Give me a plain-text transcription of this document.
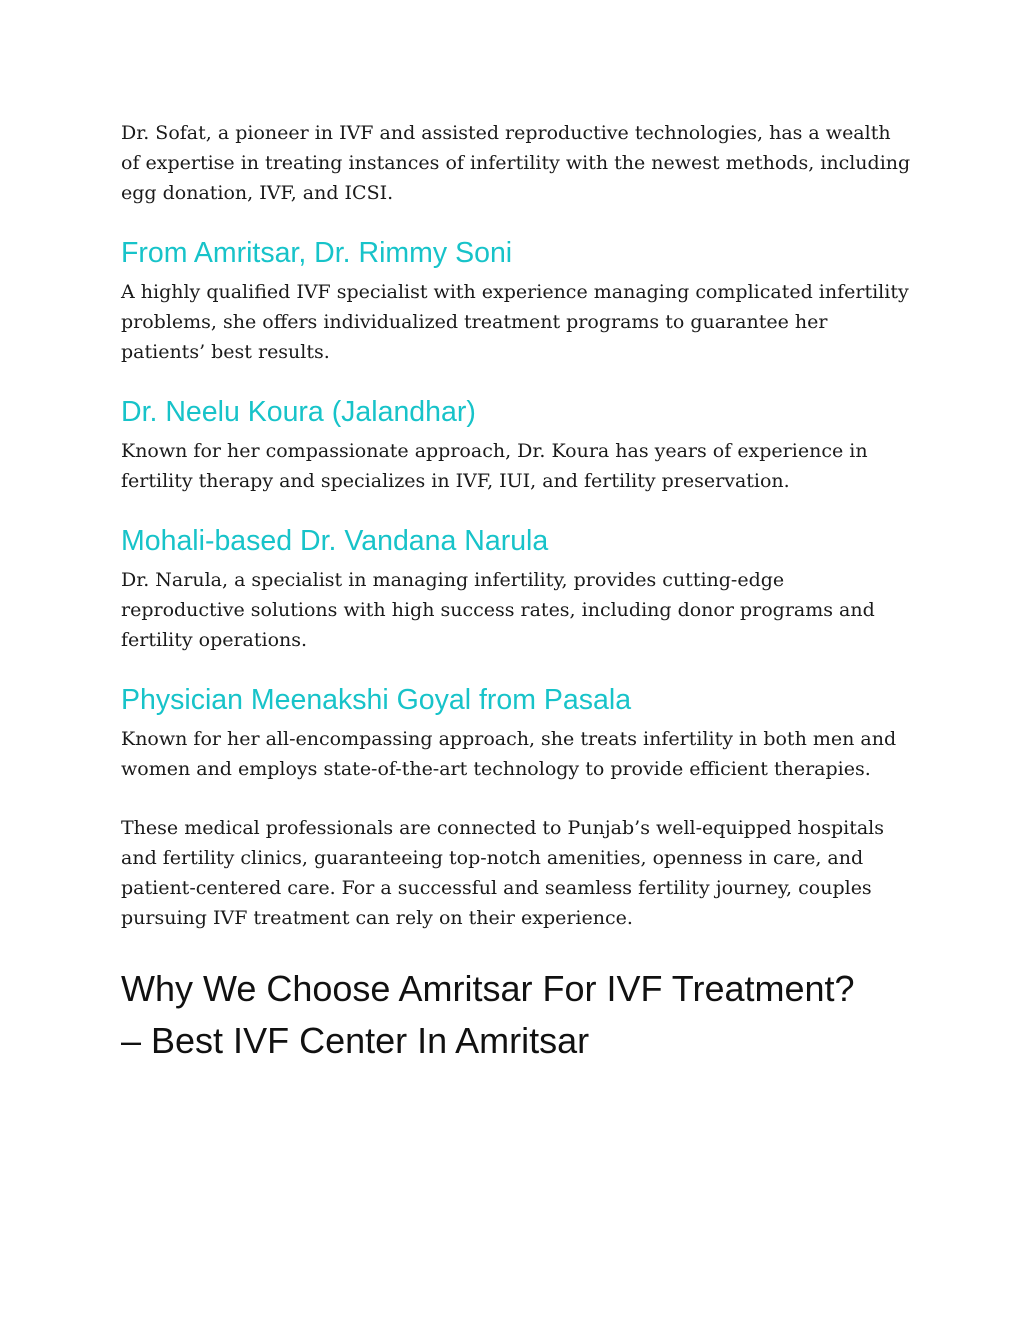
Dr. Sofat, a pioneer in IVF and assisted reproductive technologies, has a wealth of expertise in treating instances of infertility with the newest methods, including egg donation, IVF, and ICSI.

From Amritsar, Dr. Rimmy Soni

A highly qualified IVF specialist with experience managing complicated infertility problems, she offers individualized treatment programs to guarantee her patients’ best results.

Dr. Neelu Koura (Jalandhar)

Known for her compassionate approach, Dr. Koura has years of experience in fertility therapy and specializes in IVF, IUI, and fertility preservation.

Mohali-based Dr. Vandana Narula

Dr. Narula, a specialist in managing infertility, provides cutting-edge reproductive solutions with high success rates, including donor programs and fertility operations.

Physician Meenakshi Goyal from Pasala

Known for her all-encompassing approach, she treats infertility in both men and women and employs state-of-the-art technology to provide efficient therapies.

These medical professionals are connected to Punjab’s well-equipped hospitals and fertility clinics, guaranteeing top-notch amenities, openness in care, and patient-centered care. For a successful and seamless fertility journey, couples pursuing IVF treatment can rely on their experience.

Why We Choose Amritsar For IVF Treatment?
– Best IVF Center In Amritsar
